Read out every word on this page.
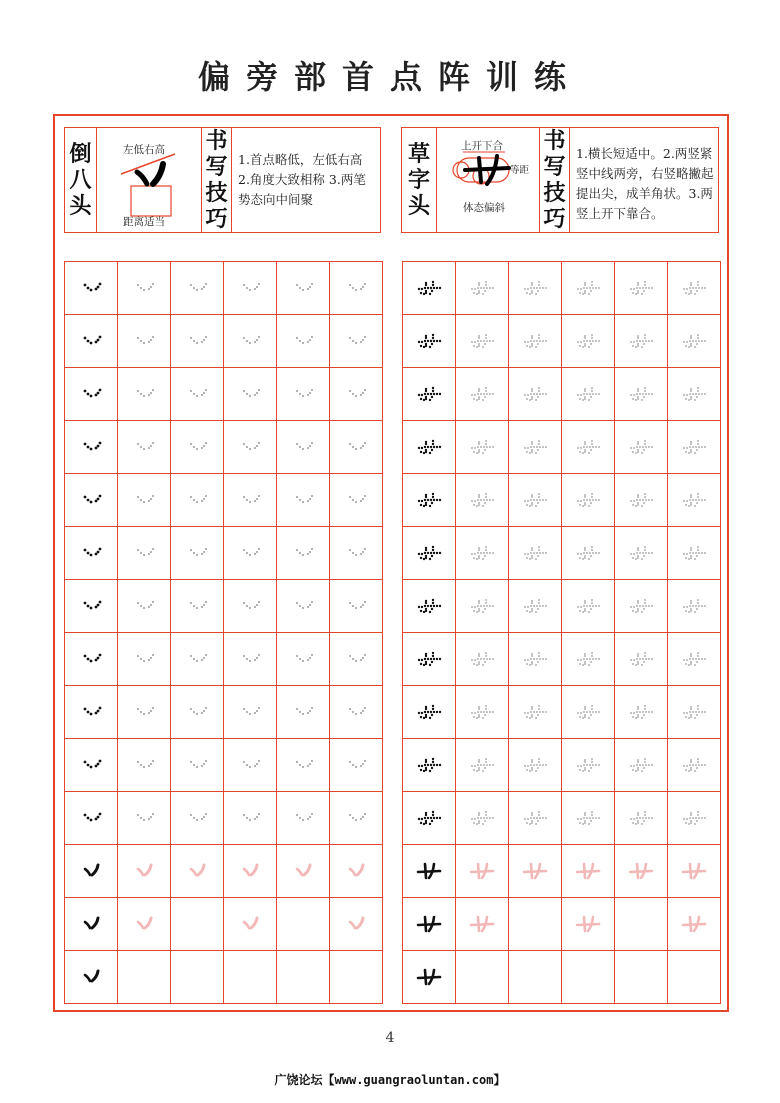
偏旁部首点阵训练
倒
八
头
左低右高
距离适当
书
写
技
巧
1.首点略低，左低右高 2.角度大致相称 3.两笔势态向中间聚
草
字
头
上开下合
等距
体态偏斜
书
写
技
巧
1.横长短适中。2.两竖紧竖中线两旁，右竖略撇起提出尖，成羊角状。3.两竖上开下靠合。

4
广饶论坛【www.guangraoluntan.com】
